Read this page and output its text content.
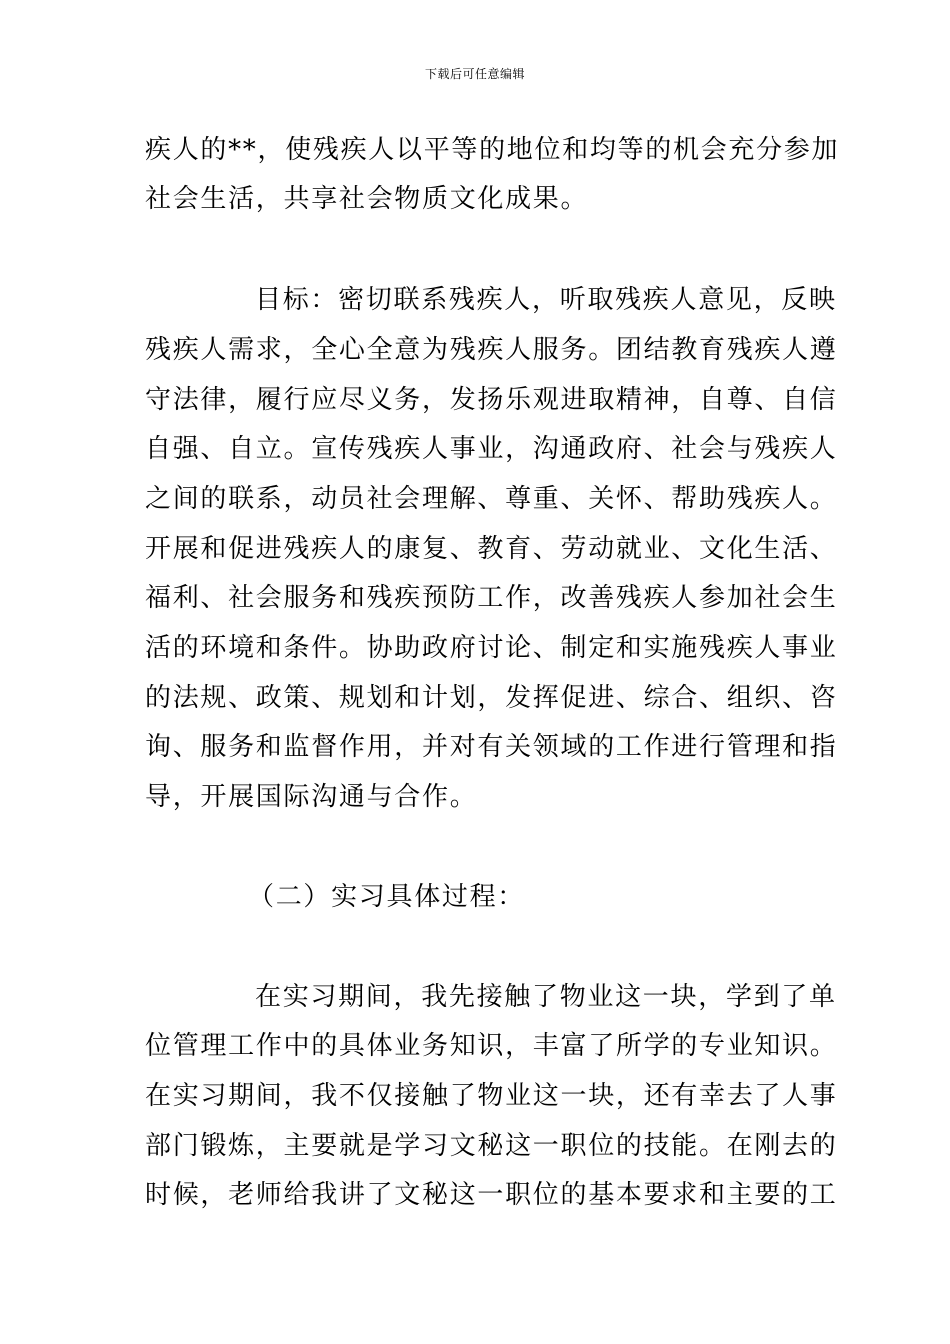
下载后可任意编辑
疾人的**，使残疾人以平等的地位和均等的机会充分参加
社会生活，共享社会物质文化成果。
目标：密切联系残疾人，听取残疾人意见，反映
残疾人需求，全心全意为残疾人服务。团结教育残疾人遵
守法律，履行应尽义务，发扬乐观进取精神，自尊、自信
自强、自立。宣传残疾人事业，沟通政府、社会与残疾人
之间的联系，动员社会理解、尊重、关怀、帮助残疾人。
开展和促进残疾人的康复、教育、劳动就业、文化生活、
福利、社会服务和残疾预防工作，改善残疾人参加社会生
活的环境和条件。协助政府讨论、制定和实施残疾人事业
的法规、政策、规划和计划，发挥促进、综合、组织、咨
询、服务和监督作用，并对有关领域的工作进行管理和指
导，开展国际沟通与合作。
（二）实习具体过程：
在实习期间，我先接触了物业这一块，学到了单
位管理工作中的具体业务知识，丰富了所学的专业知识。
在实习期间，我不仅接触了物业这一块，还有幸去了人事
部门锻炼，主要就是学习文秘这一职位的技能。在刚去的
时候，老师给我讲了文秘这一职位的基本要求和主要的工
